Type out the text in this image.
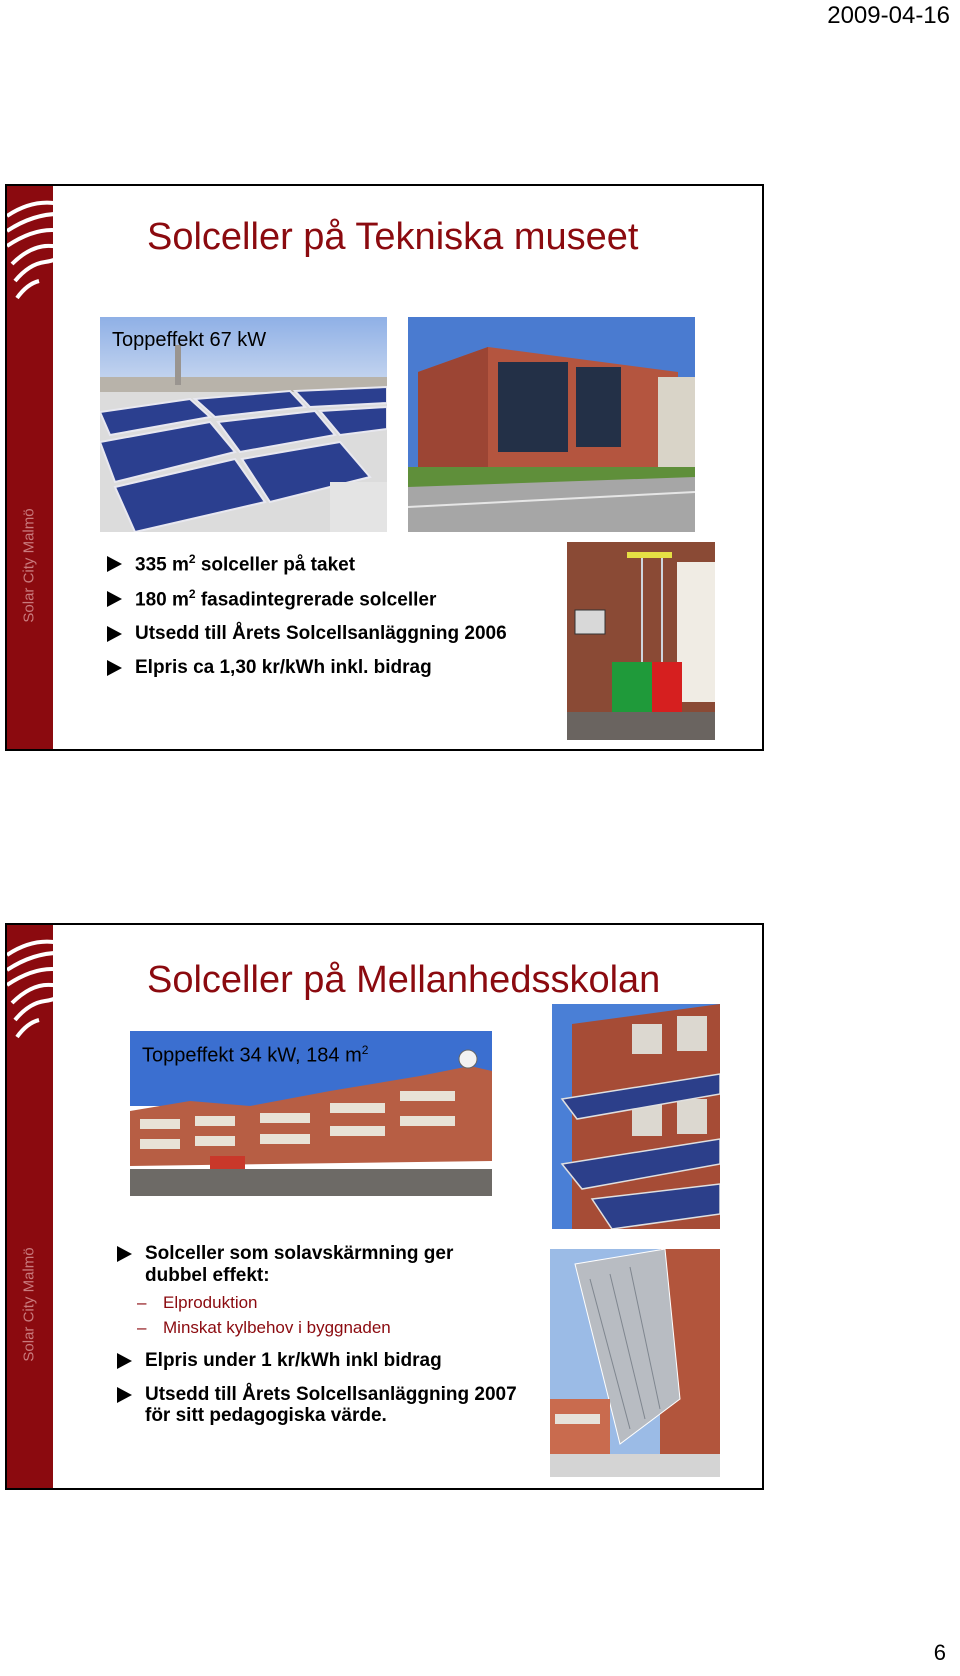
2009-04-16
Solar City Malmö
Solceller på Tekniska museet
Toppeffekt 67 kW
335 $m^2$ solceller på taket
180 $m^2$ fasadintegrerade solceller
Utsedd till Årets Solcellsanläggning 2006
Elpris ca 1,30 kr/kWh inkl. bidrag
Solar City Malmö
Solceller på Mellanhedsskolan
Toppeffekt 34 kW, 184 $m^2$
Solceller som solavskärmning ger dubbel effekt:
– Elproduktion
– Minskat kylbehov i byggnaden
Elpris under 1 kr/kWh inkl bidrag
Utsedd till Årets Solcellsanläggning 2007 för sitt pedagogiska värde.
6
